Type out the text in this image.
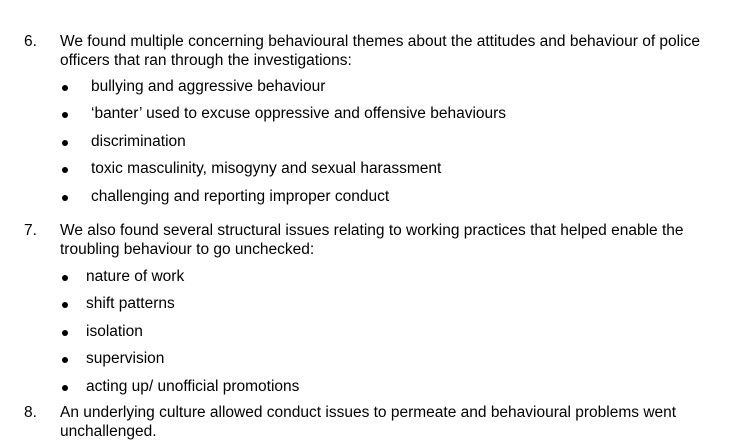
6. We found multiple concerning behavioural themes about the attitudes and behaviour of police officers that ran through the investigations:
bullying and aggressive behaviour
‘banter’ used to excuse oppressive and offensive behaviours
discrimination
toxic masculinity, misogyny and sexual harassment
challenging and reporting improper conduct
7. We also found several structural issues relating to working practices that helped enable the troubling behaviour to go unchecked:
nature of work
shift patterns
isolation
supervision
acting up/ unofficial promotions
8. An underlying culture allowed conduct issues to permeate and behavioural problems went unchallenged.
